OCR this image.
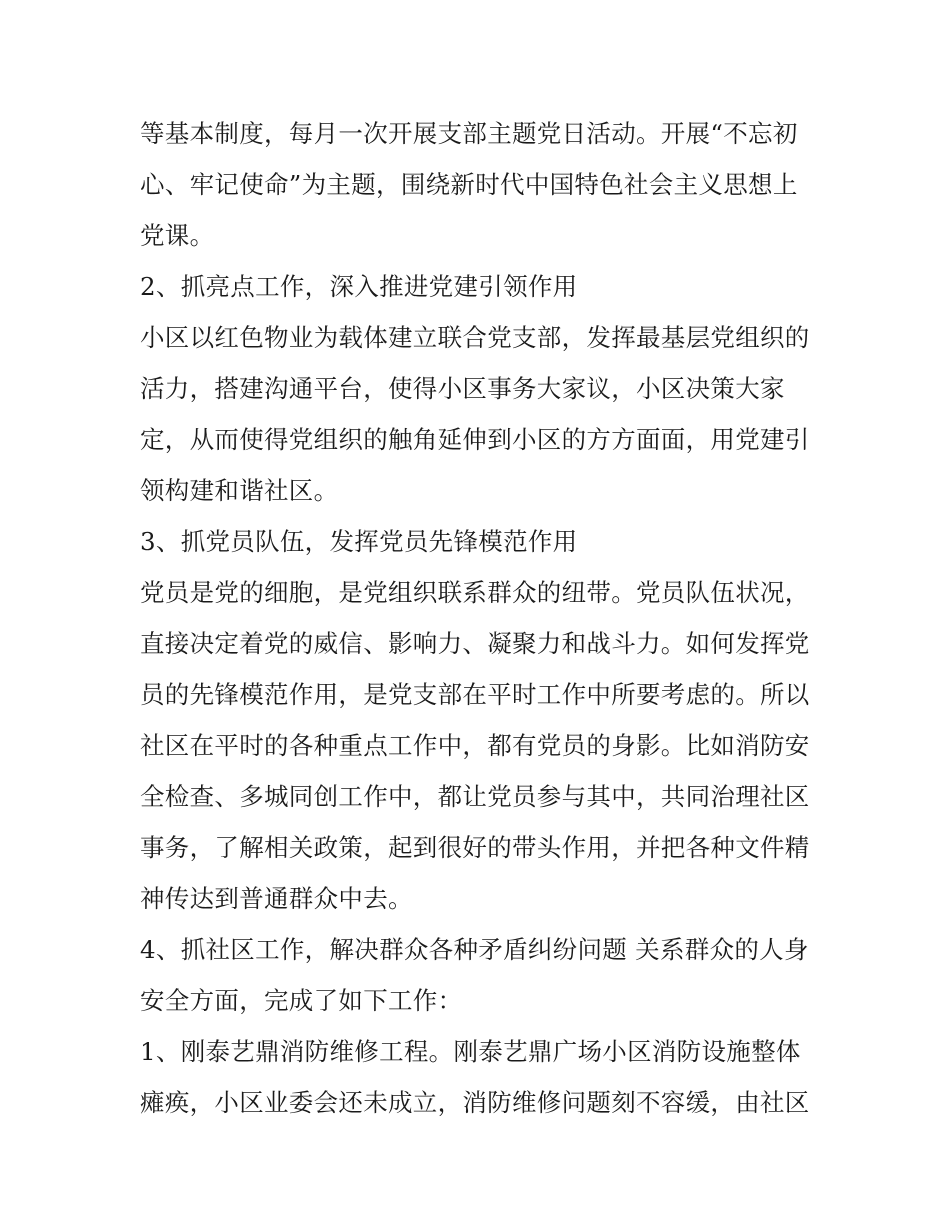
等基本制度，每月一次开展支部主题党日活动。开展“不忘初
心、牢记使命”为主题，围绕新时代中国特色社会主义思想上
党课。
2、抓亮点工作，深入推进党建引领作用
小区以红色物业为载体建立联合党支部，发挥最基层党组织的
活力，搭建沟通平台，使得小区事务大家议，小区决策大家
定，从而使得党组织的触角延伸到小区的方方面面，用党建引
领构建和谐社区。
3、抓党员队伍，发挥党员先锋模范作用
党员是党的细胞，是党组织联系群众的纽带。党员队伍状况，
直接决定着党的威信、影响力、凝聚力和战斗力。如何发挥党
员的先锋模范作用，是党支部在平时工作中所要考虑的。所以
社区在平时的各种重点工作中，都有党员的身影。比如消防安
全检查、多城同创工作中，都让党员参与其中，共同治理社区
事务，了解相关政策，起到很好的带头作用，并把各种文件精
神传达到普通群众中去。
4、抓社区工作，解决群众各种矛盾纠纷问题 关系群众的人身
安全方面，完成了如下工作：
1、刚泰艺鼎消防维修工程。刚泰艺鼎广场小区消防设施整体
瘫痪，小区业委会还未成立，消防维修问题刻不容缓，由社区
